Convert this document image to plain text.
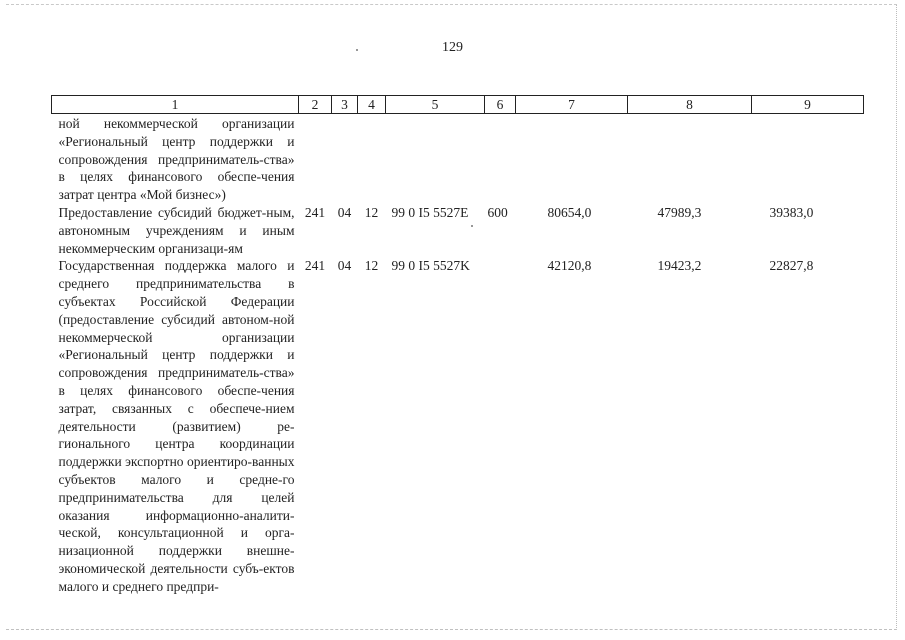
129
1	2	3	4	5	6	7	8	9
ной некоммерческой организации «Региональный центр поддержки и сопровождения предприниматель-ства» в целях финансового обеспе-чения затрат центра «Мой бизнес»)								
Предоставление субсидий бюджет-ным, автономным учреждениям и иным некоммерческим организаци-ям	241	04	12	99 0 I5 5527E	600	80654,0	47989,3	39383,0
Государственная поддержка малого и среднего предпринимательства в субъектах Российской Федерации (предоставление субсидий автоном-ной некоммерческой организации «Региональный центр поддержки и сопровождения предприниматель-ства» в целях финансового обеспе-чения затрат, связанных с обеспече-нием деятельности (развитием) ре-гионального центра координации поддержки экспортно ориентиро-ванных субъектов малого и средне-го предпринимательства для целей оказания информационно-аналити-ческой, консультационной и орга-низационной поддержки внешне-экономической деятельности субъ-ектов малого и среднего предпри-	241	04	12	99 0 I5 5527K		42120,8	19423,2	22827,8
